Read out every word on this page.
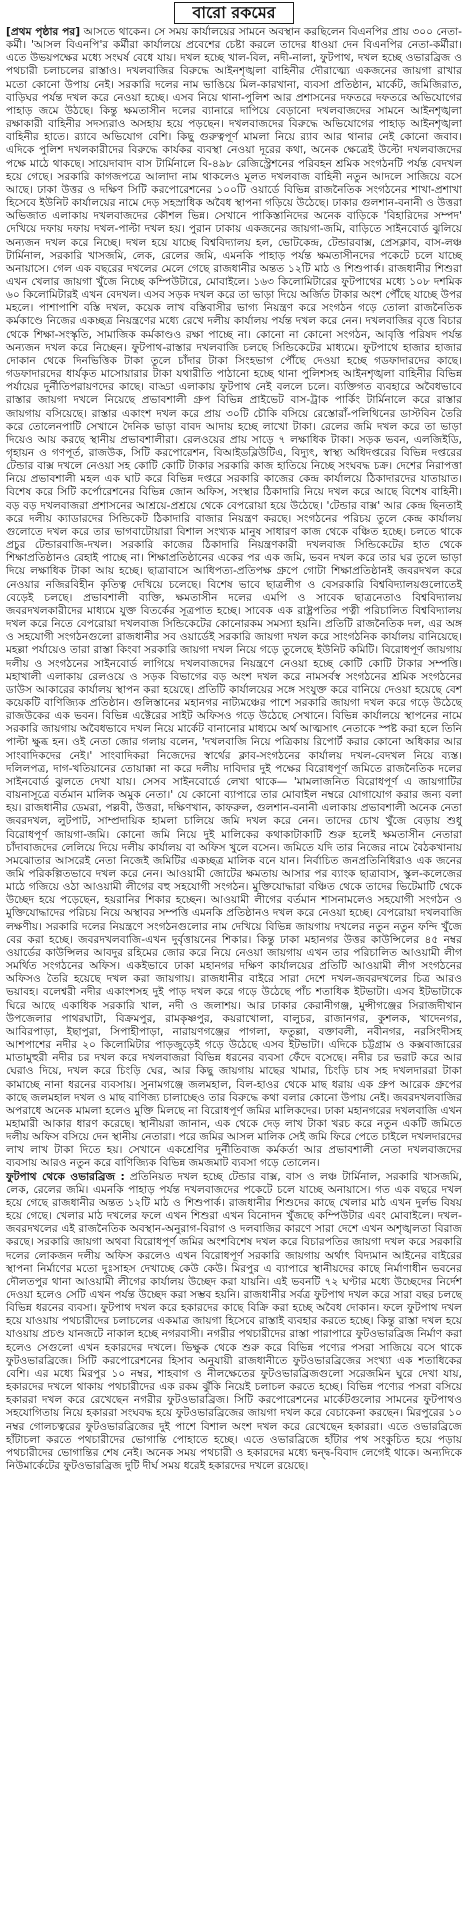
বারো রকমের

[প্রথম পৃষ্ঠার পর] আসতে থাকেন। সে সময় কার্যালয়ের সামনে অবস্থান করছিলেন বিএনপির প্রায় ৩০০ নেতা-কর্মী। 'আসল বিএনপি'র কর্মীরা কার্যালয়ে প্রবেশের চেষ্টা করলে তাদের ধাওয়া দেন বিএনপির নেতা-কর্মীরা। এতে উভয়পক্ষের মধ্যে সংঘর্ষ বেধে যায়। দখল হচ্ছে খাল-বিল, নদী-নালা, ফুটপাথ, দখল হচ্ছে ওভারব্রিজ ও পথচারী চলাচলের রাস্তাও। দখলবাজির বিরুদ্ধে আইনশৃঙ্খলা বাহিনীর দৌরাত্ম্যে একজনের জায়গা রাখার মতো কোনো উপায় নেই। সরকারি দলের নাম ভাঙিয়ে মিল-কারখানা, ব্যবসা প্রতিষ্ঠান, মার্কেট, জমিজিরাত, বাড়িঘর পর্যন্ত দখল করে নেওয়া হচ্ছে। এসব নিয়ে থানা-পুলিশ আর প্রশাসনের দফতরে দফতরে অভিযোগের পাহাড় জমে উঠছে। কিন্তু ক্ষমতাসীন দলের ব্যানারে দাপিয়ে বেড়ানো দখলবাজদের সামনে আইনশৃঙ্খলা রক্ষাকারী বাহিনীর সদস্যরাও অসহায় হয়ে পড়ছেন। দখলবাজদের বিরুদ্ধে অভিযোগের পাহাড় আইনশৃঙ্খলা বাহিনীর হাতে। র‍্যাবে অভিযোগ বেশি। কিছু গুরুত্বপূর্ণ মামলা নিয়ে র‍্যাব আর থানার নেই কোনো জবাব। এদিকে পুলিশ দখলকারীদের বিরুদ্ধে কার্যকর ব্যবস্থা নেওয়া দূরের কথা, অনেক ক্ষেত্রেই উল্টো দখলবাজদের পক্ষে মাঠে থাকছে। সায়েদাবাদ বাস টার্মিনালে বি-৪৯৮ রেজিস্ট্রেশনের পরিবহন শ্রমিক সংগঠনটি পর্যন্ত বেদখল হয়ে গেছে। সরকারি কাগজপত্রে আলাদা নাম থাকলেও মূলত দখলবাজ বাহিনী নতুন আদলে সাজিয়ে বসে আছে। ঢাকা উত্তর ও দক্ষিণ সিটি করপোরেশনের ১০০টি ওয়ার্ডে বিভিন্ন রাজনৈতিক সংগঠনের শাখা-প্রশাখা হিসেবে ইউনিট কার্যালয়ের নামে দেড় সহস্রাধিক অবৈধ স্থাপনা গড়িয়ে উঠেছে। ঢাকার গুলশান-বনানী ও উত্তরা অভিজাত এলাকায় দখলবাজদের কৌশল ভিন্ন। সেখানে পাকিস্তানিদের অনেক বাড়িকে 'বিহারিদের সম্পদ' দেখিয়ে দফায় দফায় দখল-পাল্টা দখল হয়। পুরান ঢাকায় একজনের জায়গা-জমি, বাড়িতে সাইনবোর্ড ঝুলিয়ে অন্যজন দখল করে নিচ্ছে। দখল হয়ে যাচ্ছে বিশ্ববিদ্যালয় হল, ভোটকেন্দ্র, টেন্ডারবাক্স, প্রেসক্লাব, বাস-লঞ্চ টার্মিনাল, সরকারি খাসজমি, লেক, রেলের জমি, এমনকি পাহাড় পর্যন্ত ক্ষমতাসীনদের পকেটে চলে যাচ্ছে অনায়াসে। গেল এক বছরের দখলের মেলে গেছে রাজধানীর অন্তত ১২টি মাঠ ও শিশুপার্ক। রাজধানীর শিশুরা এখন খেলার জায়গা খুঁজে নিচ্ছে কম্পিউটারে, মোবাইলে। ১৬৩ কিলোমিটারের ফুটপাথের মধ্যে ১০৮ দশমিক ৬০ কিলোমিটারই এখন বেদখল। এসব সড়ক দখল করে তা ভাড়া দিয়ে অর্জিত টাকার অংশ পৌঁছে যাচ্ছে উপর মহলে। পাশাপাশি বস্তি দখল, কয়েক লাখ বস্তিবাসীর ভাগ্য নিয়ন্ত্রণ করে সংগঠন গড়ে তোলা রাজনৈতিক কর্মকাণ্ডে নিজের একচ্ছত্র নিয়ন্ত্রণের মধ্যে রেখে দলীয় কার্যালয় পর্যন্ত দখল করে নেন। দখলবাজির বৃত্তে বিচার থেকে শিক্ষা-সংস্কৃতি, সামাজিক কর্মকাণ্ডও রক্ষা পাচ্ছে না। কোনো না কোনো সংগঠন, আবৃত্তি পরিষদ পর্যন্ত অন্যজন দখল করে নিচ্ছেন। ফুটপাথ-রাস্তার দখলবাজি চলছে সিন্ডিকেটের মাধ্যমে। ফুটপাথে হাজার হাজার দোকান থেকে দিনভিত্তিক টাকা তুলে চাঁদার টাকা সিংহভাগ পৌঁছে দেওয়া হচ্ছে গডফাদারদের কাছে। গডফাদারদের ধার্যকৃত মাসোয়ারার টাকা যথারীতি পাঠানো হচ্ছে থানা পুলিশসহ আইনশৃঙ্খলা বাহিনীর বিভিন্ন পর্যায়ের দুর্নীতিপরায়ণদের কাছে। বাড্ডা এলাকায় ফুটপাথ নেই বললে চলে। ব্যক্তিগত ব্যবহারে অবৈধভাবে রাস্তার জায়গা দখলে নিয়েছে প্রভাবশালী গ্রুপ বিভিন্ন প্রাইভেট বাস-ট্রাক পার্কিং টার্মিনালে করে রাস্তার জায়গায় বসিয়েছে। রাস্তার একাংশ দখল করে প্রায় ৩০টি চৌকি বসিয়ে রেস্তোরাঁ-পলিথিনের ডাস্টবিন তৈরি করে তোলেনপাটি সেখানে দৈনিক ভাড়া বাবদ আদায় হচ্ছে লাখো টাকা। রেলের জমি দখল করে তা ভাড়া দিয়েও আয় করছে স্থানীয় প্রভাবশালীরা। রেলওয়ের প্রায় সাড়ে ৭ লক্ষাধিক টাকা। সড়ক ভবন, এলজিইডি, গৃহায়ন ও গণপূর্ত, রাজউক, সিটি করপোরেশন, বিআইডব্লিউটিএ, বিদ্যুৎ, স্বাস্থ্য অধিদপ্তরের বিভিন্ন দপ্তরের টেন্ডার বাক্স দখলে নেওয়া সহ কোটি কোটি টাকার সরকারি কাজ হাতিয়ে নিচ্ছে সংঘবদ্ধ চক্র। দেশের নিরাপত্তা নিয়ে প্রভাবশালী মহল এক ঘাট করে বিভিন্ন দপ্তরে সরকারি কাজের কেন্দ্র কার্যালয়ে ঠিকাদারদের যাতায়াত। বিশেষ করে সিটি কর্পোরেশনের বিভিন্ন জোন অফিস, সংস্থার ঠিকাদারি নিয়ে দখল করে আছে বিশেষ বাহিনী। বড় বড় দখলবাজরা প্রশাসনের আশ্রয়ে-প্রশ্রয়ে থেকে বেপরোয়া হয়ে উঠেছে। 'টেন্ডার বাক্স' আর কেন্দ্র ছিনতাই করে দলীয় ক্যাডারদের সিন্ডিকেট ঠিকাদারি বাজার নিয়ন্ত্রণ করছে। সংগঠনের পরিচয় তুলে কেন্দ্র কার্যালয় গুলোতে দখল করে তার ভাগবাটোয়ারা বিশাল সংখ্যক মানুষ সাধারণ কাজ থেকে বঞ্চিত হচ্ছে। চলতে থাকে প্রচুর টেন্ডারবাজি-দখল। সরকারি কাজের ঠিকাদারি নিয়ন্ত্রণকারী দখলবাজ সিন্ডিকেটের হাত থেকে শিক্ষাপ্রতিষ্ঠানও রেহাই পাচ্ছে না। শিক্ষাপ্রতিষ্ঠানের একের পর এক জমি, ভবন দখল করে তার ঘর তুলে ভাড়া দিয়ে লক্ষাধিক টাকা আয় হচ্ছে। ছাত্রাবাসে আধিপত্য-প্রতিপক্ষ গ্রুপে গোটা শিক্ষাপ্রতিষ্ঠানই জবরদখল করে নেওয়ার নজিরবিহীন কৃতিত্ব দেখিয়ে চলেছে। বিশেষ ভাবে ছাত্রলীগ ও বেসরকারি বিশ্ববিদ্যালয়গুলোতেই বেড়েই চলছে। প্রভাবশালী ব্যক্তি, ক্ষমতাসীন দলের এমপি ও সাবেক ছাত্রনেতাও বিশ্ববিদ্যালয় জবরদখলকারীদের মাধ্যমে যুক্ত বিতর্কের সূত্রপাত হচ্ছে। সাবেক এক রাষ্ট্রপতির পত্নী পরিচালিত বিশ্ববিদ্যালয় দখল করে নিতে বেপরোয়া দখলবাজ সিন্ডিকেটের কোনোরকম সমস্যা হয়নি। প্রতিটি রাজনৈতিক দল, এর অঙ্গ ও সহযোগী সংগঠনগুলো রাজধানীর সব ওয়ার্ডেই সরকারি জায়গা দখল করে সাংগঠনিক কার্যালয় বানিয়েছে। মহল্লা পর্যায়েও তারা রাস্তা কিংবা সরকারি জায়গা দখল নিয়ে গড়ে তুলেছে ইউনিট কমিটি। বিরোধপূর্ণ জায়গায় দলীয় ও সংগঠনের সাইনবোর্ড লাগিয়ে দখলবাজদের নিয়ন্ত্রণে নেওয়া হচ্ছে কোটি কোটি টাকার সম্পত্তি। মহাখালী এলাকায় রেলওয়ে ও সড়ক বিভাগের বড় অংশ দখল করে নামসর্বস্ব সংগঠনের শ্রমিক সংগঠনের ডাউস আকারের কার্যালয় স্থাপন করা হয়েছে। প্রতিটি কার্যালয়ের সঙ্গে সংযুক্ত করে বানিয়ে দেওয়া হয়েছে বেশ কয়েকটি বাণিজ্যিক প্রতিষ্ঠান। গুলিস্তানের মহানগর নাট্যমঞ্চের পাশে সরকারি জায়গা দখল করে গড়ে উঠেছে রাজউকের এক ভবন। বিভিন্ন এক্টেরের সাইট অফিসও গড়ে উঠেছে সেখানে। বিভিন্ন কার্যালয়ে স্থাপনের নামে সরকারি জায়গায় অবৈধভাবে দখল নিয়ে মার্কেট বানানোর মাধ্যমে অর্থ আত্মসাৎ নেতাকে স্পষ্ট করা হলে তিনি পাল্টা ক্ষুব্ধ হন। ওই নেতা জোর গলায় বলেন, 'দখলবাজি নিয়ে পত্রিকায় রিপোর্ট করার কোনো অধিকার আর সাংবাদিকদের নেই।' সাংবাদিকরা নিজেদের স্বার্থের ক্লাব-সংগঠনের কার্যালয় দখল-বেদখল নিয়ে ব্যস্ত। দলিলপত্র, দাগ-খতিয়ানের তোয়াক্কা না করে দলীয় দাবিদার দুই পক্ষের বিরোধপূর্ণ জমিতে রাজনৈতিক দলের সাইনবোর্ড ঝুলতে দেখা যায়। সেসব সাইনবোর্ডে লেখা থাকে— 'মামলাজনিত বিরোধপূর্ণ এ জায়গাটির বায়নাসূত্রে বর্তমান মালিক অমুক নেতা।' যে কোনো ব্যাপারে তার মোবাইল নম্বরে যোগাযোগ করার জন্য বলা হয়। রাজধানীর ডেমরা, পল্লবী, উত্তরা, দক্ষিণখান, কাফরুল, গুলশান-বনানী এলাকায় প্রভাবশালী অনেক নেতা জবরদখল, লুটপাট, সাম্প্রদায়িক হামলা চালিয়ে জমি দখল করে নেন। তাদের চোখ খুঁজে বেড়ায় শুধু বিরোধপূর্ণ জায়গা-জমি। কোনো জমি নিয়ে দুই মালিকের কথাকাটাকাটি শুরু হলেই ক্ষমতাসীন নেতারা চাঁদাবাজদের লেলিয়ে দিয়ে দলীয় কার্যালয় বা অফিস খুলে বসেন। জমিতে যদি তার নিজের নামে বৈঠকখানায় সমঝোতার আসরেই নেতা নিজেই জমিটির একচ্ছত্র মালিক বনে যান। নির্বাচিত জনপ্রতিনিধিরাও এক জনের জমি পরিকল্পিতভাবে দখল করে নেন। আওয়ামী জোটের ক্ষমতায় আসার পর ব্যাংক ছাত্রাবাস, স্কুল-কলেজের মাঠে গজিয়ে ওঠা আওয়ামী লীগের বহু সহযোগী সংগঠন। মুক্তিযোদ্ধারা বঞ্চিত থেকে তাদের ভিটেমাটি থেকে উচ্ছেদ হয়ে পড়েছেন, হয়রানির শিকার হচ্ছেন। আওয়ামী লীগের বর্তমান শাসনামলেও সহযোগী সংগঠন ও মুক্তিযোদ্ধাদের পরিচয় নিয়ে অস্থাবর সম্পত্তি এমনকি প্রতিষ্ঠানও দখল করে নেওয়া হচ্ছে। বেপরোয়া দখলবাজি লক্ষণীয়। সরকারি দলের নিয়ন্ত্রণে সংগঠনগুলোর নাম দেখিয়ে বিভিন্ন জায়গায় দখলের নতুন নতুন ফন্দি খুঁজে বের করা হচ্ছে। জবরদখলবাজি-এখন দুর্বৃত্তায়নের শিকার। কিন্তু ঢাকা মহানগর উত্তর কাউন্সিলের ৪৫ নম্বর ওয়ার্ডের কাউন্সিলর আবদুর রহিমের জোর করে নিয়ে নেওয়া জায়গায় এখন তার পরিচালিত আওয়ামী লীগ সমর্থিত সংগঠনের অফিস। একইভাবে ঢাকা মহানগর দক্ষিণ কার্যালয়ের প্রতিটি আওয়ামী লীগ সংগঠনের অফিসও তৈরি হয়েছে দখল করা জায়গায়। রাজধানীর বাইরে সারা দেশে দখল-জবরদখলের চিত্র আরও ভয়াবহ। বলেশ্বরী নদীর একাংশসহ দুই পাড় দখল করে গড়ে উঠেছে পাঁচ শতাধিক ইটভাটা। এসব ইটভাটাকে ঘিরে আছে একাধিক সরকারি খাল, নদী ও জলাশয়। আর ঢাকার কেরানীগঞ্জ, মুন্সীগঞ্জের সিরাজদীখান উপজেলার পাথরঘাটা, বিক্রমপুর, রামকৃষ্ণপুর, কয়রাখোলা, বালুচর, রাজানগর, কুশলক, খাদেনগর, আবিরপাড়া, ইছাপুরা, সিপাহীপাড়া, নারায়ণগঞ্জের পাগলা, ফতুল্লা, বক্তাবলী, নবীনগর, নরসিংদীসহ আশপাশের নদীর ২০ কিলোমিটার পাড়জুড়েই গড়ে উঠেছে এসব ইটভাটা। এদিকে চট্টগ্রাম ও কক্সবাজারের মাতামুহুরী নদীর চর দখল করে দখলবাজরা বিভিন্ন ধরনের ব্যবসা ফেঁদে বসেছে। নদীর চর ভরাট করে আর ঘেরাও দিয়ে, দখল করে চিংড়ি ঘের, আর কিছু জায়গায় মাছের খামার, চিংড়ি চাষ সহ দখলদাররা টাকা কামাচ্ছে নানা ধরনের ব্যবসায়। সুনামগঞ্জে জলমহাল, বিল-হাওর থেকে মাছ ধরায় এক গ্রুপ আরেক গ্রুপের কাছে জলমহাল দখল ও মাছ বাণিজ্য চালাচ্ছেও তার বিরুদ্ধে কথা বলার কোনো উপায় নেই। জবরদখলবাজির অপরাধে অনেক মামলা হলেও মুক্তি মিলছে না বিরোধপূর্ণ জমির মালিকদের। ঢাকা মহানগরের দখলবাজি এখন মহামারী আকার ধারণ করেছে। স্থানীয়রা জানান, এক থেকে দেড় লাখ টাকা খরচ করে নতুন একটি জমিতে দলীয় অফিস বসিয়ে দেন স্থানীয় নেতারা। পরে জমির আসল মালিক সেই জমি ফিরে পেতে চাইলে দখলদারদের লাখ লাখ টাকা দিতে হয়। সেখানে একশ্রেণির দুর্নীতিবাজ কর্মকর্তা আর প্রভাবশালী নেতা দখলবাজদের ব্যবসায় আরও নতুন করে বাণিজ্যিক বিভিন্ন জমজমাট ব্যবসা গড়ে তোলেন।

ফুটপাথ থেকে ওভারব্রিজ : প্রতিনিয়ত দখল হচ্ছে টেন্ডার বাক্স, বাস ও লঞ্চ টার্মিনাল, সরকারি খাসজমি, লেক, রেলের জমি। এমনকি পাহাড় পর্যন্ত দখলবাজদের পকেটে চলে যাচ্ছে অনায়াসে। গত এক বছরে দখল হয়ে গেছে রাজধানীর অন্তত ১২টি মাঠ ও শিশুপার্ক। রাজধানীর শিশুদের কাছে খেলার মাঠ এখন দুর্লভ বিষয় হয়ে গেছে। খেলার মাঠ দখলের ফলে এখন শিশুরা এখন বিনোদন খুঁজছে কম্পিউটার এবং মোবাইলে। দখল-জবরদখলের এই রাজনৈতিক অবস্থান-অনুরাগ-বিরাগ ও দলবাজির কারণে সারা দেশে এখন অশৃঙ্খলতা বিরাজ করছে। সরকারি জায়গা অথবা বিরোধপূর্ণ জমির অংশবিশেষ দখল করে বিচারপতির জায়গা দখল করে সরকারি দলের লোকজন দলীয় অফিস করলেও এখন বিরোধপূর্ণ সরকারি জায়গায় অর্থাৎ বিদ্যমান আইনের বাইরের স্থাপনা নির্মাণের মতো দুঃসাহস দেখাচ্ছে কেউ কেউ। মিরপুর এ ব্যাপারে স্থানীয়দের কাছে নির্মাণাধীন ভবনের দৌলতপুর থানা আওয়ামী লীগের কার্যালয় উচ্ছেদ করা যায়নি। এই ভবনটি ৭২ ঘণ্টার মধ্যে উচ্ছেদের নির্দেশ দেওয়া হলেও সেটি এখন পর্যন্ত উচ্ছেদ করা সম্ভব হয়নি। রাজধানীর সর্বত্র ফুটপাথ দখল করে সারা বছর চলছে বিভিন্ন ধরনের ব্যবসা। ফুটপাথ দখল করে হকারদের কাছে বিক্রি করা হচ্ছে অবৈধ দোকান। ফলে ফুটপাথ দখল হয়ে যাওয়ায় পথচারীদের চলাচলের একমাত্র জায়গা হিসেবে রাস্তাই ব্যবহার করতে হচ্ছে। কিন্তু রাস্তা দখল হয়ে যাওয়ায় প্রচণ্ড যানজটে নাকাল হচ্ছে নগরবাসী। নগরীর পথচারীদের রাস্তা পারাপারে ফুটওভারব্রিজ নির্মাণ করা হলেও সেগুলো এখন হকারদের দখলে। ভিক্ষুক থেকে শুরু করে বিভিন্ন পণ্যের পসরা সাজিয়ে বসে থাকে ফুটওভারব্রিজে। সিটি করপোরেশনের হিসাব অনুযায়ী রাজধানীতে ফুটওভারব্রিজের সংখ্যা এক শতাধিকের বেশি। এর মধ্যে মিরপুর ১০ নম্বর, শাহবাগ ও নীলক্ষেতের ফুটওভারব্রিজগুলো সরেজমিন ঘুরে দেখা যায়, হকারদের দখলে থাকায় পথচারীদের এক রকম ঝুঁকি নিয়েই চলাচল করতে হচ্ছে। বিভিন্ন পণ্যের পসরা বসিয়ে হকাররা দখল করে রেখেছেন নগরীর ফুটওভারব্রিজ। সিটি করপোরেশনের মার্কেটগুলোর সামনের ফুটপাথও সহযোগিতায় নিয়ে হকাররা সংঘবদ্ধ হয়ে ফুটওভারব্রিজের জায়গা দখল করে বেচাকেনা করছেন। মিরপুরের ১০ নম্বর গোলচত্বরের ফুটওভারব্রিজের দুই পাশে বিশাল অংশ দখল করে রেখেছেন হকাররা। এতে ওভারব্রিজে হাঁটাচলা করতে পথচারীদের ভোগান্তি পোহাতে হচ্ছে। এতে ওভারব্রিজে হাঁটার পথ সংকুচিত হয়ে পড়ায় পথচারীদের ভোগান্তির শেষ নেই। অনেক সময় পথচারী ও হকারদের মধ্যে দ্বন্দ্ব-বিবাদ লেগেই থাকে। অন্যদিকে নিউমার্কেটের ফুটওভারব্রিজ দুটি দীর্ঘ সময় ধরেই হকারদের দখলে রয়েছে।
